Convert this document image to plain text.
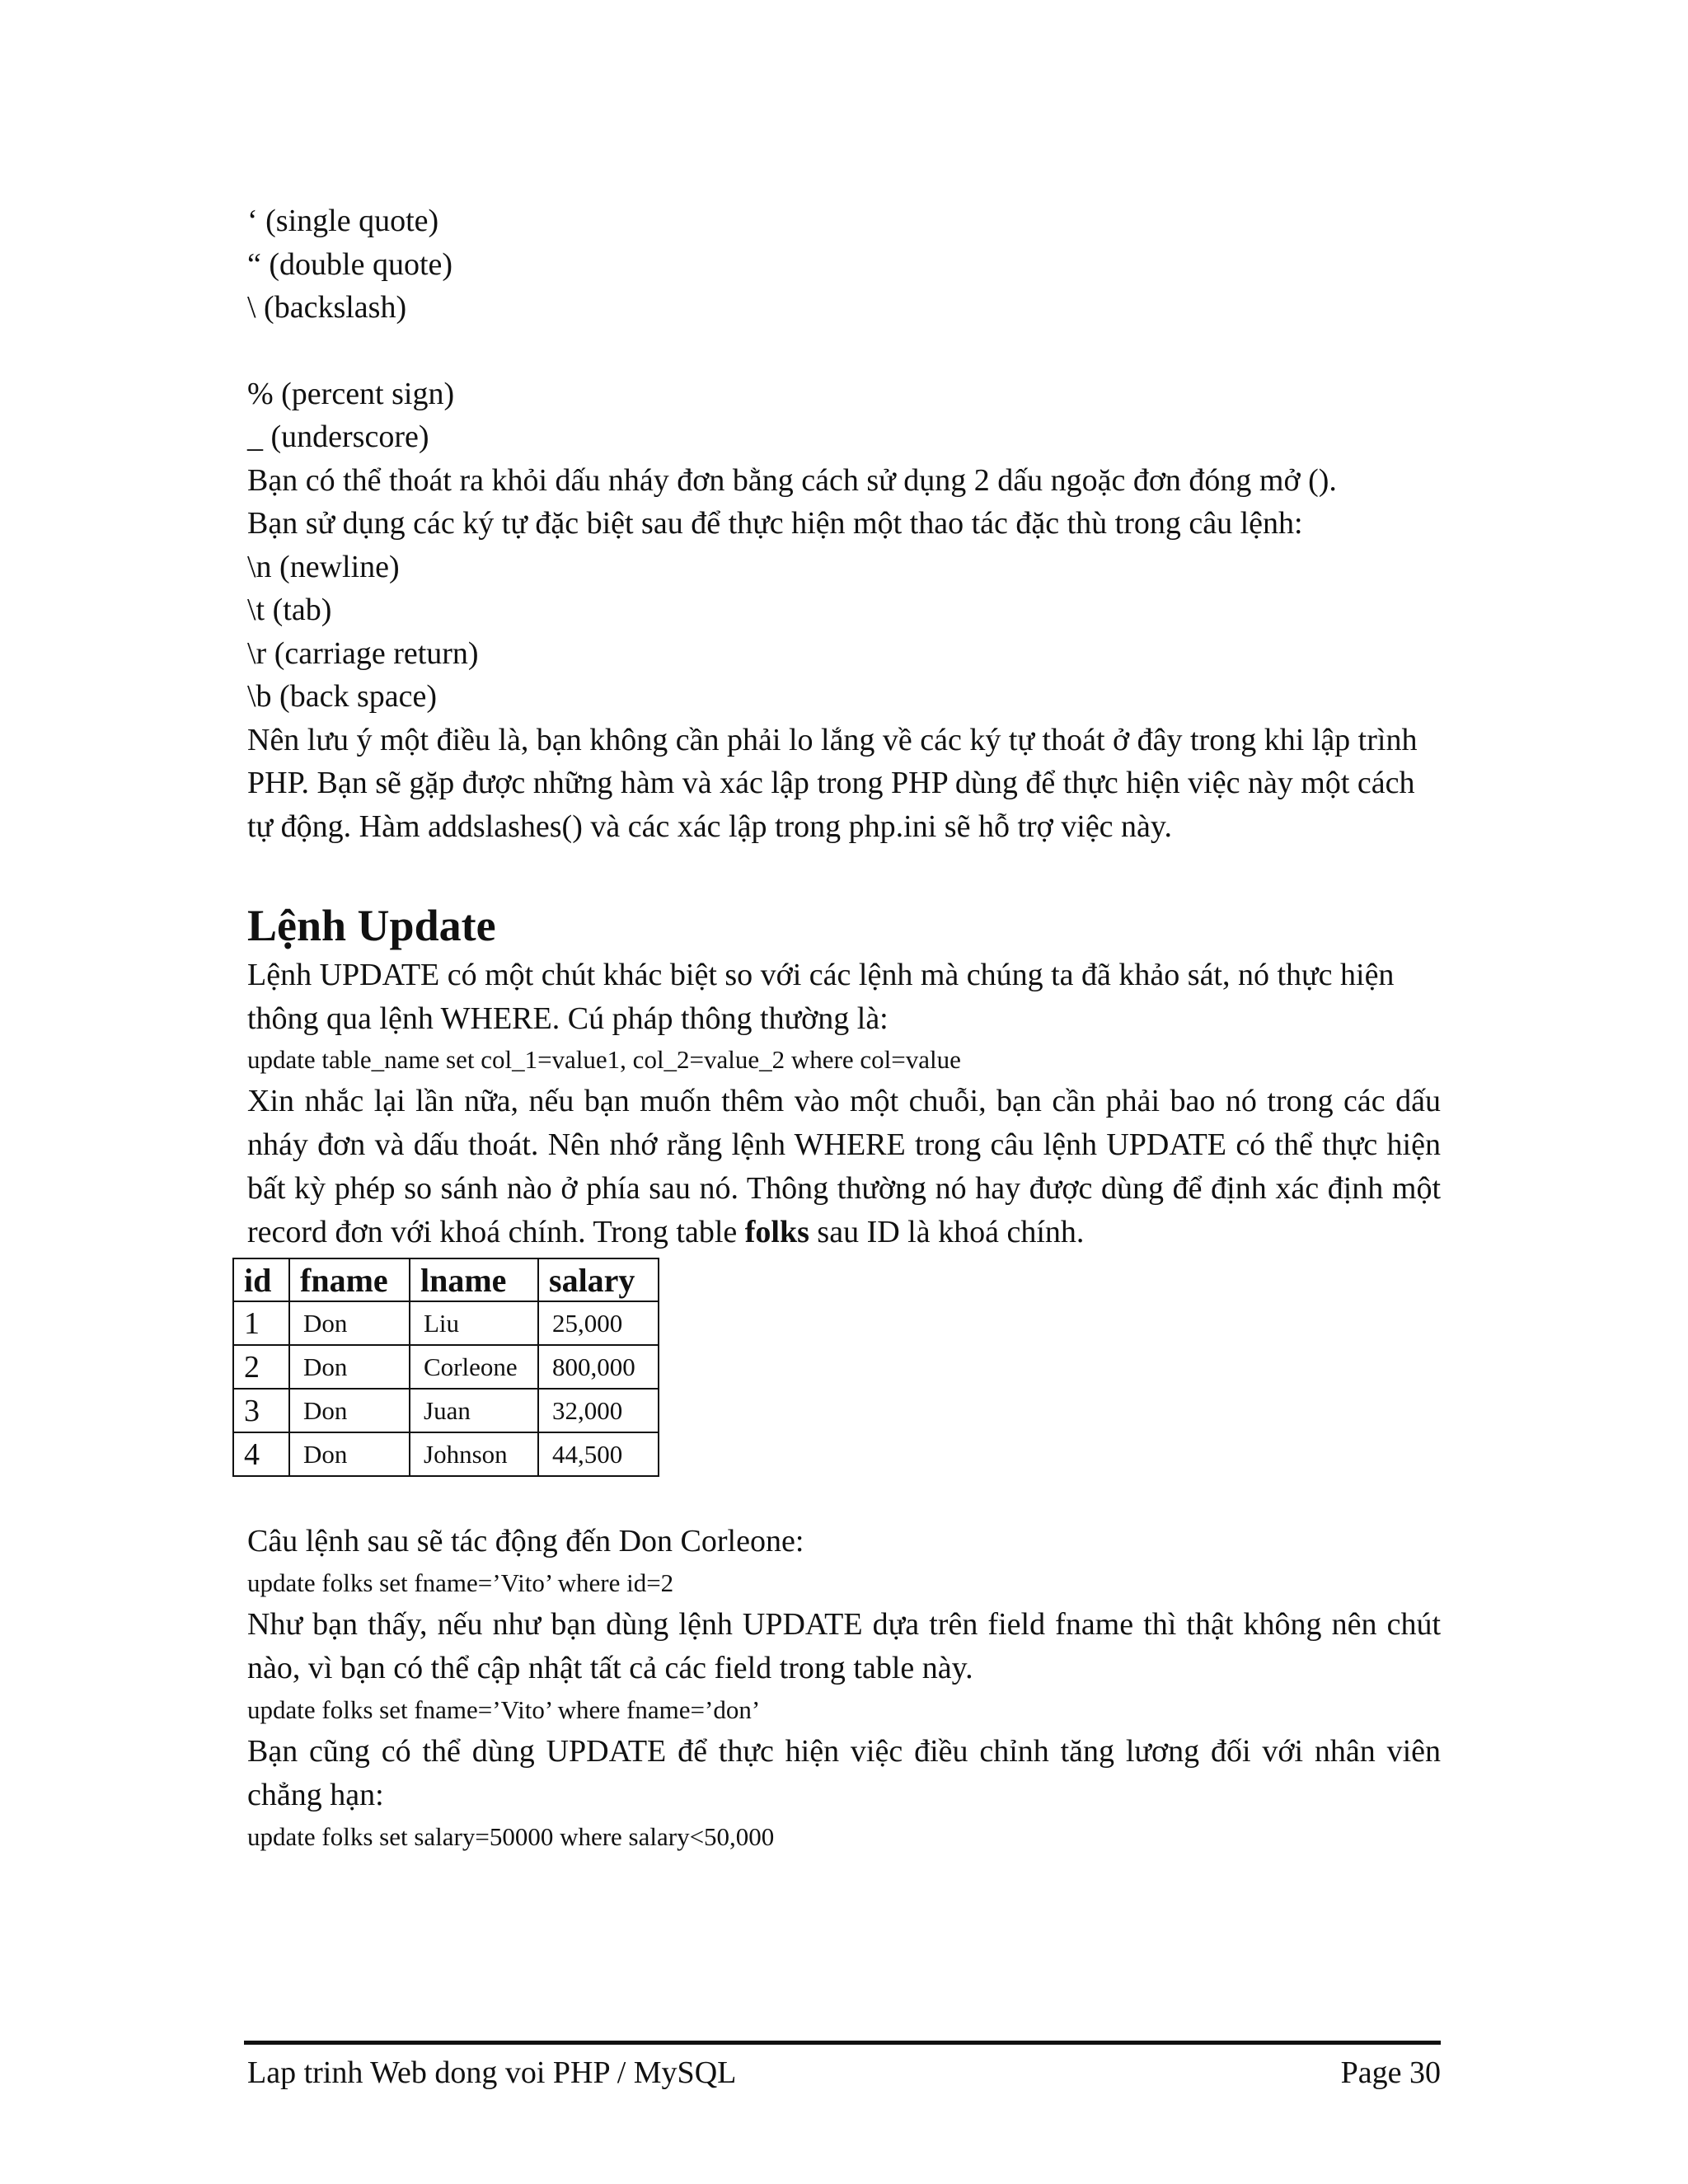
‘ (single quote)

“ (double quote)

\ (backslash)

% (percent sign)

_ (underscore)

Bạn có thể thoát ra khỏi dấu nháy đơn bằng cách sử dụng 2 dấu ngoặc đơn đóng mở ().

Bạn sử dụng các ký tự đặc biệt sau để thực hiện một thao tác đặc thù trong câu lệnh:

\n (newline)

\t (tab)

\r (carriage return)

\b (back space)

Nên lưu ý một điều là, bạn không cần phải lo lắng về các ký tự thoát ở đây trong khi lập trình PHP. Bạn sẽ gặp được những hàm và xác lập trong PHP dùng để thực hiện việc này một cách tự động. Hàm addslashes() và các xác lập trong php.ini sẽ hỗ trợ việc này.

Lệnh Update

Lệnh UPDATE có một chút khác biệt so với các lệnh mà chúng ta đã khảo sát, nó thực hiện thông qua lệnh WHERE. Cú pháp thông thường là:

update table_name set col_1=value1, col_2=value_2 where col=value

Xin nhắc lại lần nữa, nếu bạn muốn thêm vào một chuỗi, bạn cần phải bao nó trong các dấu nháy đơn và dấu thoát. Nên nhớ rằng lệnh WHERE trong câu lệnh UPDATE có thể thực hiện bất kỳ phép so sánh nào ở phía sau nó. Thông thường nó hay được dùng để định xác định một record đơn với khoá chính. Trong table folks sau ID là khoá chính.

id	fname	lname	salary
1	Don	Liu	25,000
2	Don	Corleone	800,000
3	Don	Juan	32,000
4	Don	Johnson	44,500

Câu lệnh sau sẽ tác động đến Don Corleone:

update folks set fname=’Vito’ where id=2

Như bạn thấy, nếu như bạn dùng lệnh UPDATE dựa trên field fname thì thật không nên chút nào, vì bạn có thể cập nhật tất cả các field trong table này.

update folks set fname=’Vito’ where fname=’don’

Bạn cũng có thể dùng UPDATE để thực hiện việc điều chỉnh tăng lương đối với nhân viên chẳng hạn:

update folks set salary=50000 where salary<50,000

Lap trinh Web dong voi PHP / MySQL	Page 30
